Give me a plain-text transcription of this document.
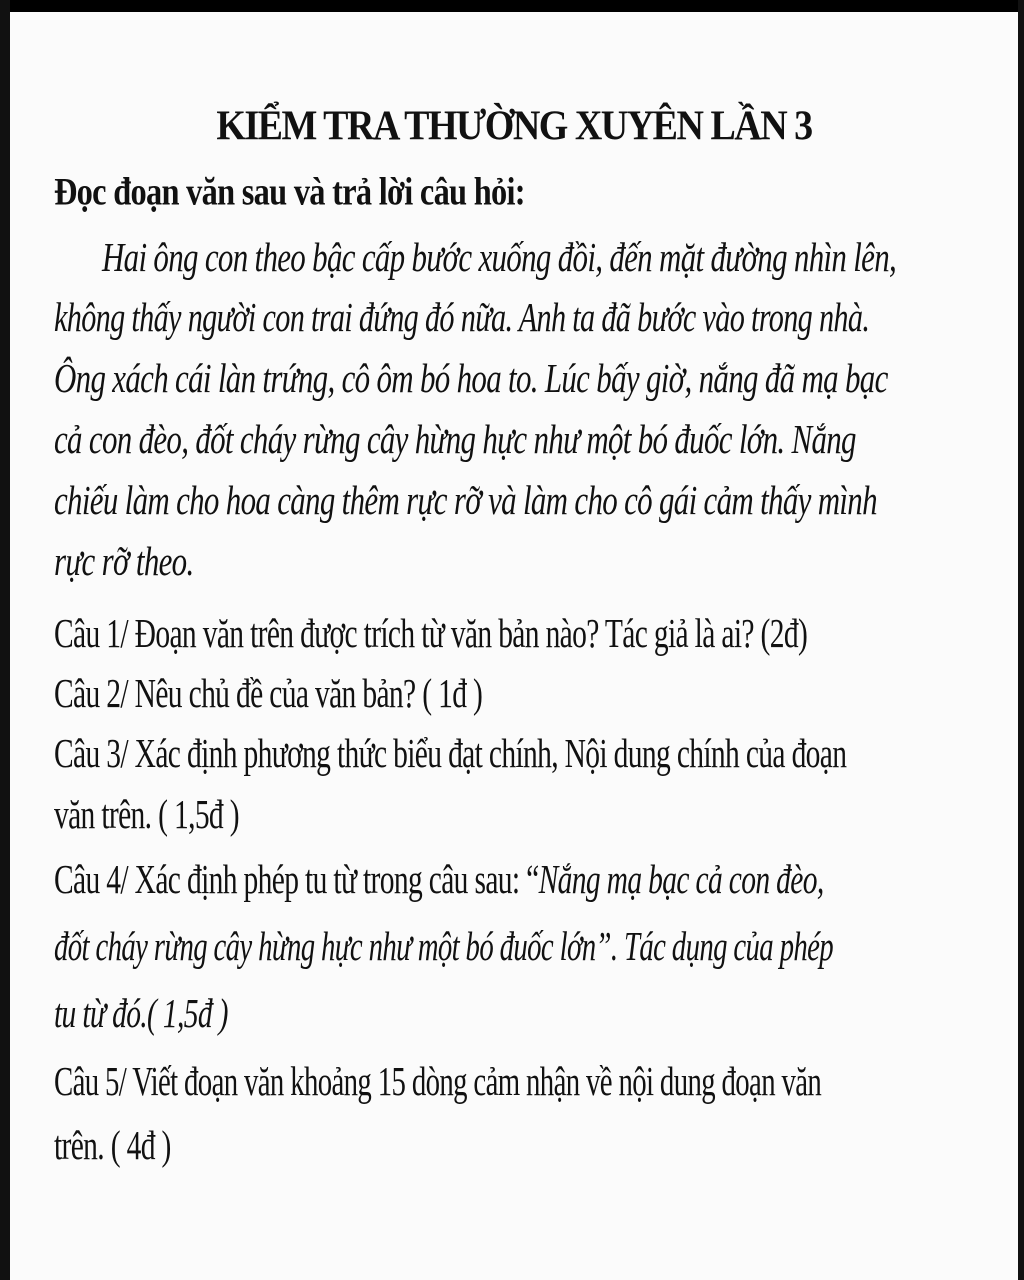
KIỂM TRA THƯỜNG XUYÊN LẦN 3
Đọc đoạn văn sau và trả lời câu hỏi:
Hai ông con theo bậc cấp bước xuống đồi, đến mặt đường nhìn lên,
không thấy người con trai đứng đó nữa. Anh ta đã bước vào trong nhà.
Ông xách cái làn trứng, cô ôm bó hoa to. Lúc bấy giờ, nắng đã mạ bạc
cả con đèo, đốt cháy rừng cây hừng hực như một bó đuốc lớn. Nắng
chiếu làm cho hoa càng thêm rực rỡ và làm cho cô gái cảm thấy mình
rực rỡ theo.
Câu 1/ Đoạn văn trên được trích từ văn bản nào? Tác giả là ai? (2đ)
Câu 2/ Nêu chủ đề của văn bản? ( 1đ )
Câu 3/ Xác định phương thức biểu đạt chính, Nội dung chính của đoạn
văn trên. ( 1,5đ )
Câu 4/ Xác định phép tu từ trong câu sau: “Nắng mạ bạc cả con đèo,
đốt cháy rừng cây hừng hực như một bó đuốc lớn”. Tác dụng của phép
tu từ đó.( 1,5đ )
Câu 5/ Viết đoạn văn khoảng 15 dòng cảm nhận về nội dung đoạn văn
trên. ( 4đ )
